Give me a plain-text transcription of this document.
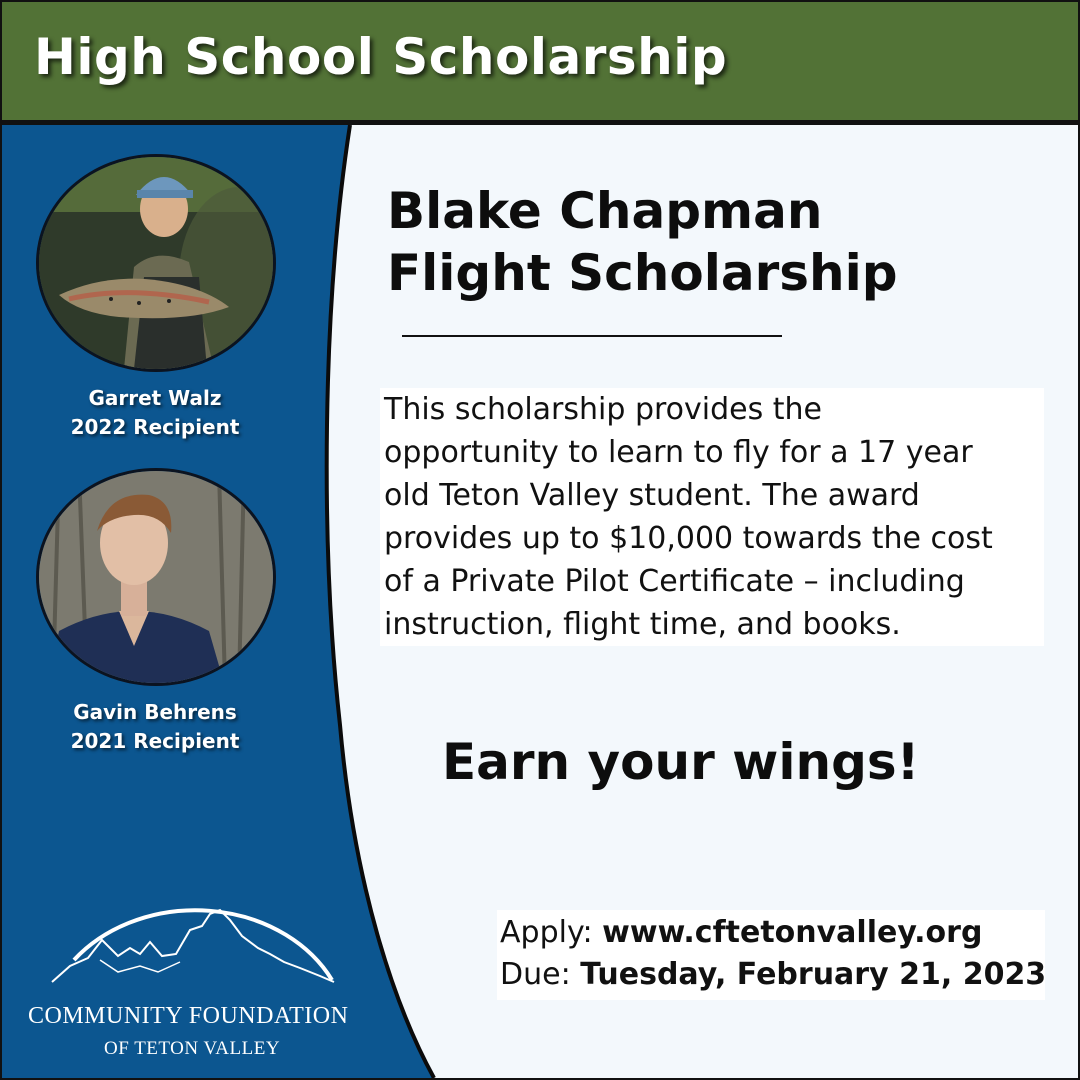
High School Scholarship
Garret Walz
2022 Recipient
Gavin Behrens
2021 Recipient
COMMUNITY FOUNDATION
OF TETON VALLEY
Blake Chapman
Flight Scholarship
This scholarship provides the
opportunity to learn to fly for a 17 year
old Teton Valley student. The award
provides up to $10,000 towards the cost
of a Private Pilot Certificate – including
instruction, flight time, and books.
Earn your wings!
Apply: www.cftetonvalley.org
Due: Tuesday, February 21, 2023
